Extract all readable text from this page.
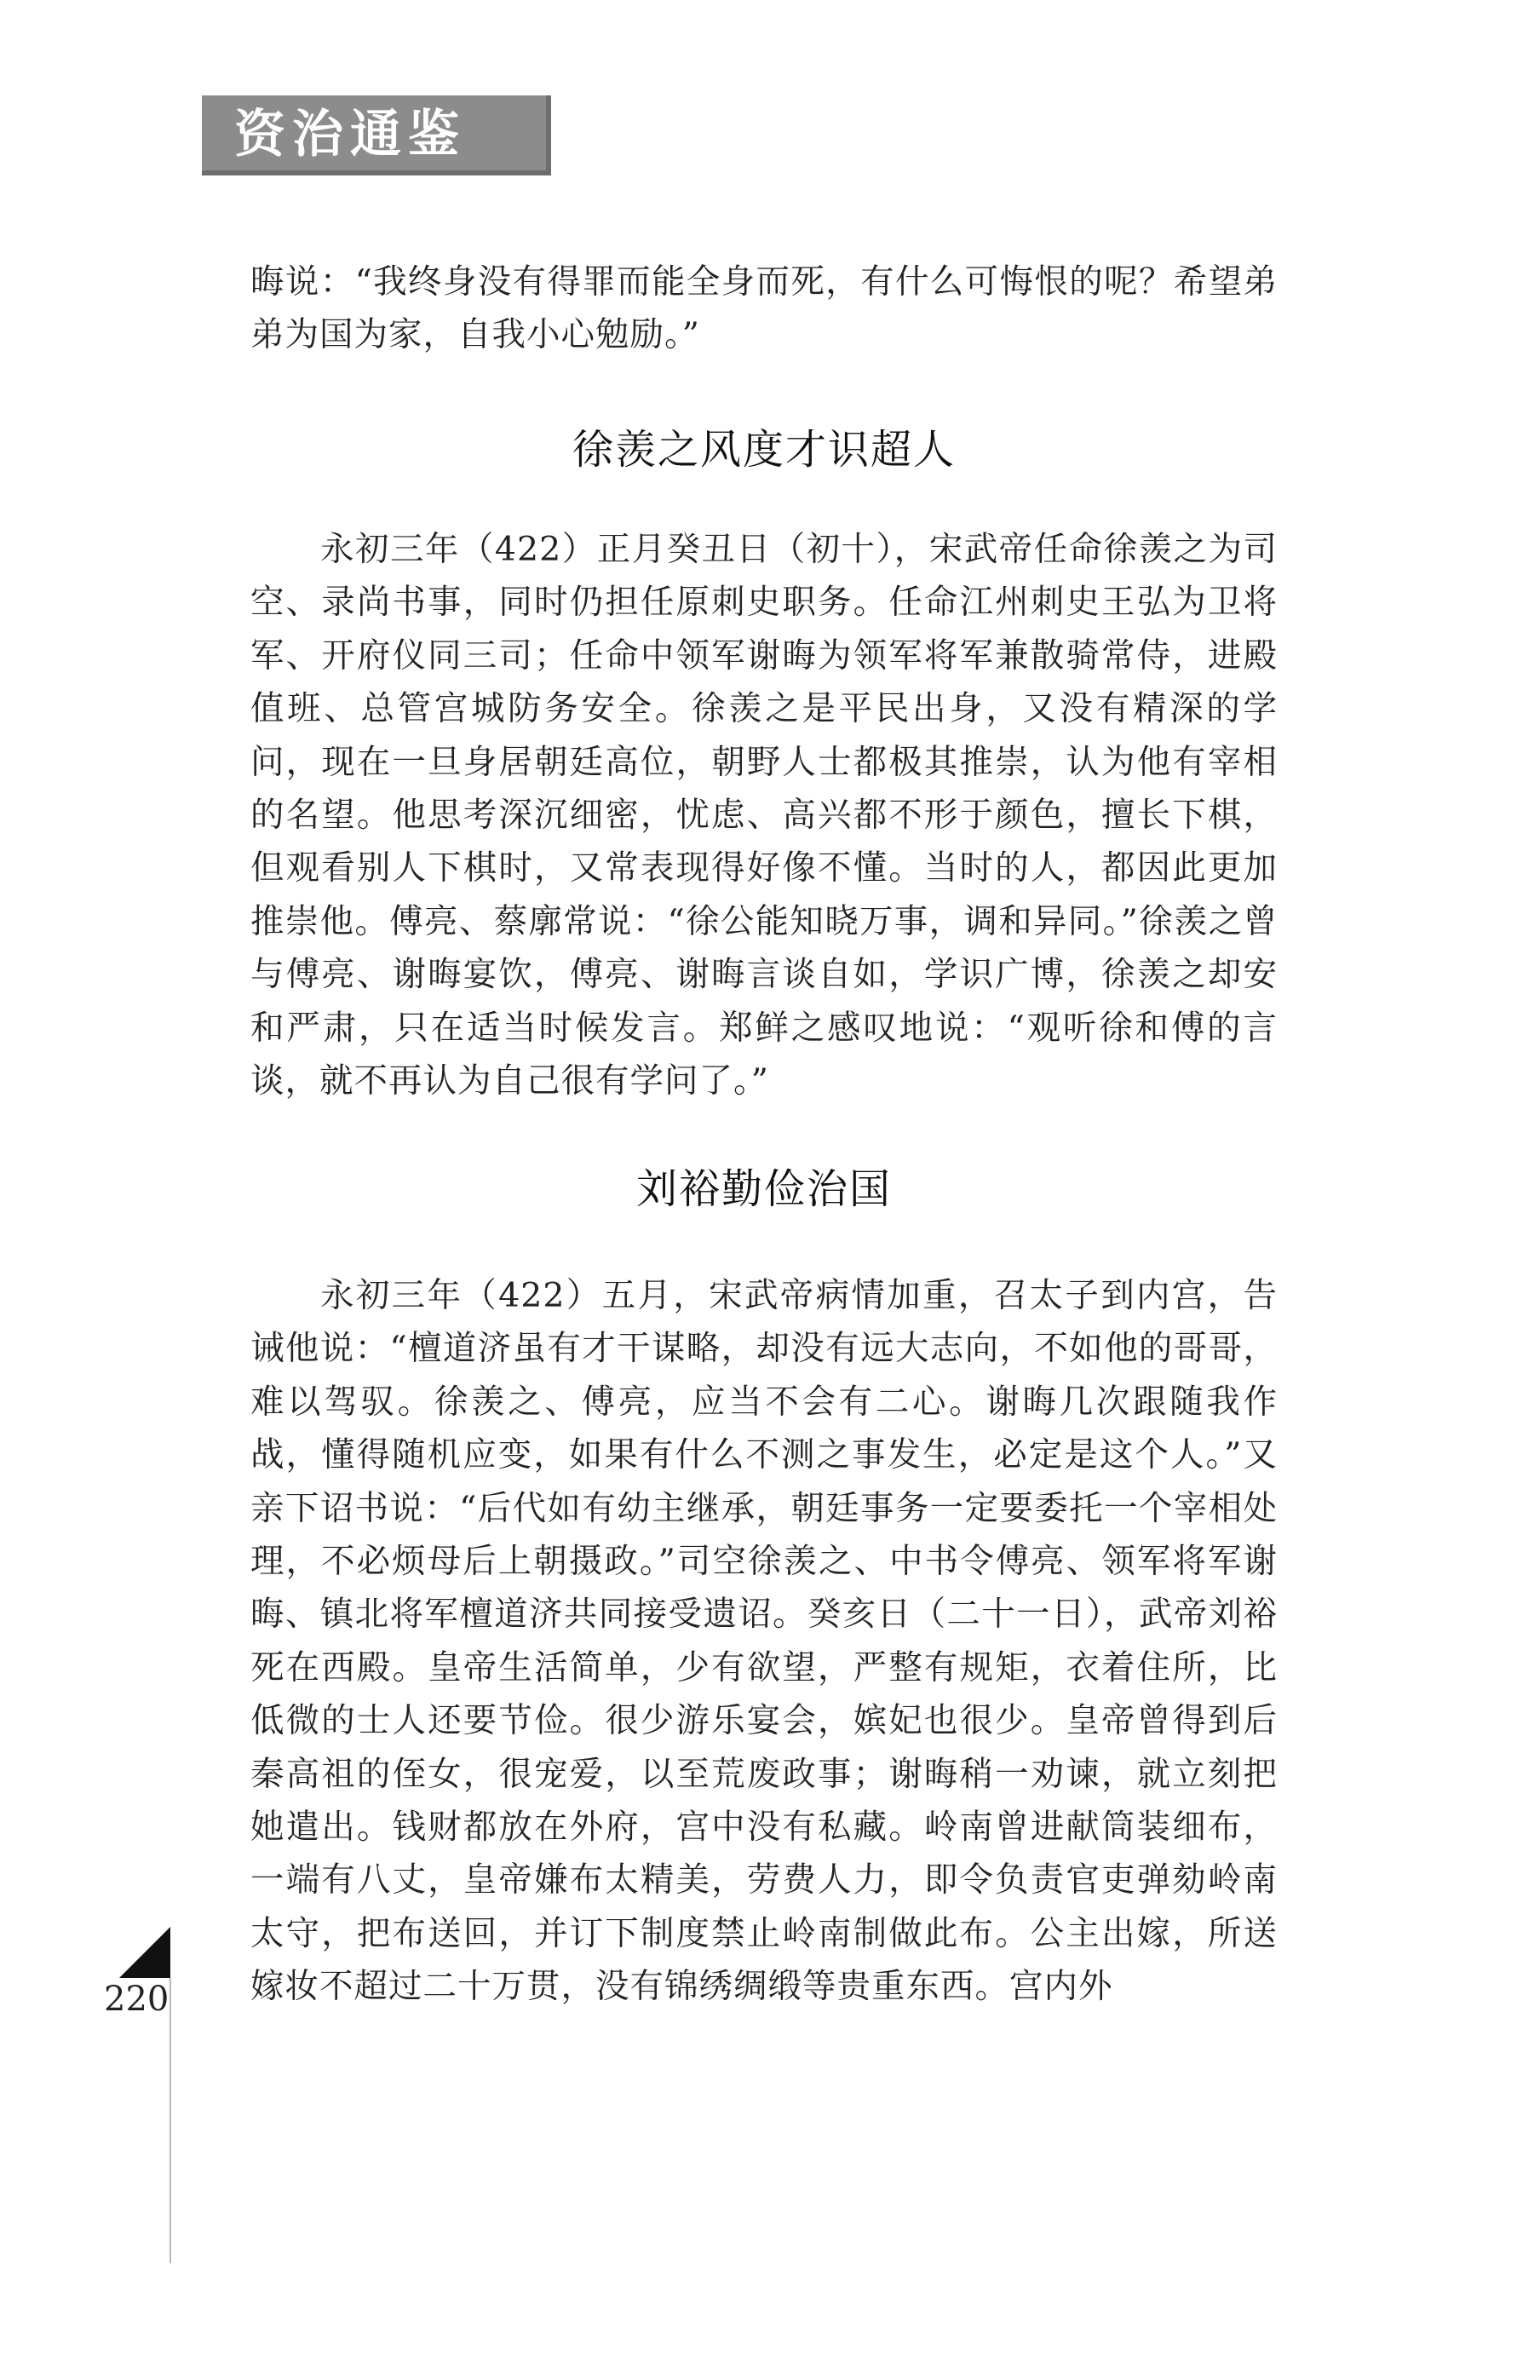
资治通鉴

晦说：“我终身没有得罪而能全身而死，有什么可悔恨的呢？希望弟弟为国为家，自我小心勉励。”

徐羡之风度才识超人

永初三年（422）正月癸丑日（初十），宋武帝任命徐羡之为司空、录尚书事，同时仍担任原刺史职务。任命江州刺史王弘为卫将军、开府仪同三司；任命中领军谢晦为领军将军兼散骑常侍，进殿值班、总管宫城防务安全。徐羡之是平民出身，又没有精深的学问，现在一旦身居朝廷高位，朝野人士都极其推崇，认为他有宰相的名望。他思考深沉细密，忧虑、高兴都不形于颜色，擅长下棋，但观看别人下棋时，又常表现得好像不懂。当时的人，都因此更加推崇他。傅亮、蔡廓常说：“徐公能知晓万事，调和异同。”徐羡之曾与傅亮、谢晦宴饮，傅亮、谢晦言谈自如，学识广博，徐羡之却安和严肃，只在适当时候发言。郑鲜之感叹地说：“观听徐和傅的言谈，就不再认为自己很有学问了。”

刘裕勤俭治国

永初三年（422）五月，宋武帝病情加重，召太子到内宫，告诫他说：“檀道济虽有才干谋略，却没有远大志向，不如他的哥哥，难以驾驭。徐羡之、傅亮，应当不会有二心。谢晦几次跟随我作战，懂得随机应变，如果有什么不测之事发生，必定是这个人。”又亲下诏书说：“后代如有幼主继承，朝廷事务一定要委托一个宰相处理，不必烦母后上朝摄政。”司空徐羡之、中书令傅亮、领军将军谢晦、镇北将军檀道济共同接受遗诏。癸亥日（二十一日），武帝刘裕死在西殿。皇帝生活简单，少有欲望，严整有规矩，衣着住所，比低微的士人还要节俭。很少游乐宴会，嫔妃也很少。皇帝曾得到后秦高祖的侄女，很宠爱，以至荒废政事；谢晦稍一劝谏，就立刻把她遣出。钱财都放在外府，宫中没有私藏。岭南曾进献筒装细布，一端有八丈，皇帝嫌布太精美，劳费人力，即令负责官吏弹劾岭南太守，把布送回，并订下制度禁止岭南制做此布。公主出嫁，所送嫁妆不超过二十万贯，没有锦绣绸缎等贵重东西。宫内外

220
